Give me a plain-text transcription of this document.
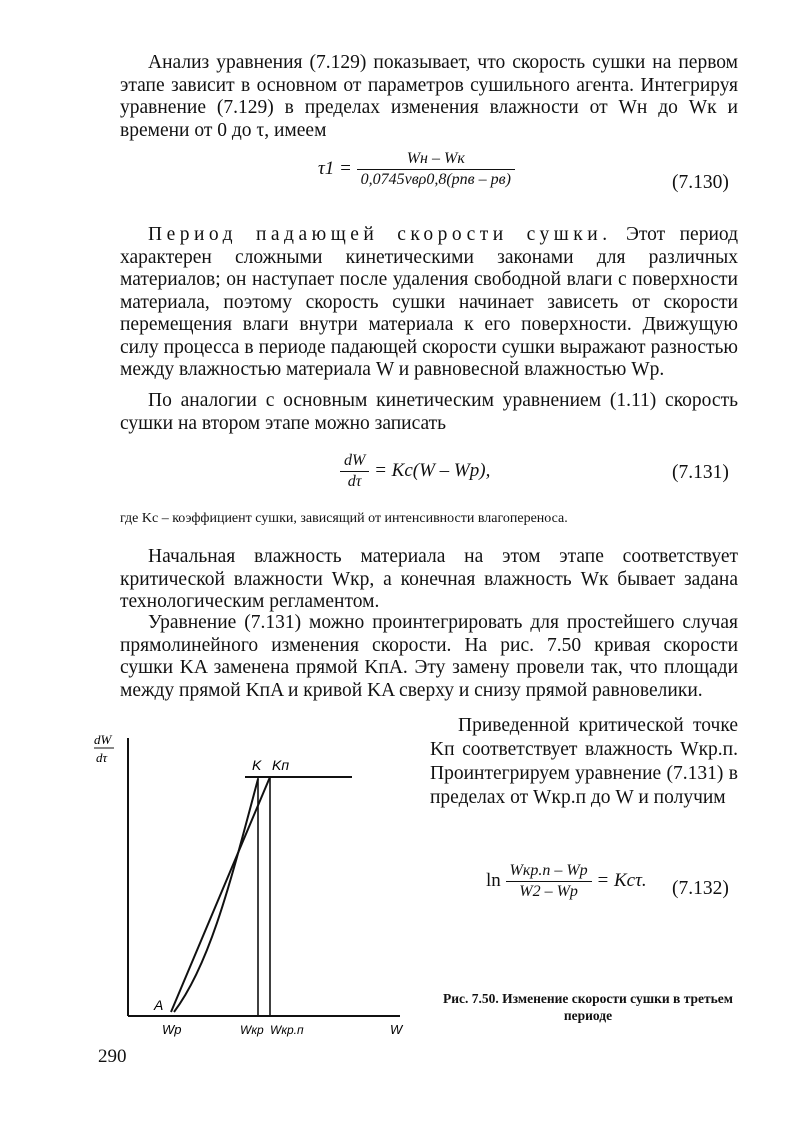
Анализ уравнения (7.129) показывает, что скорость сушки на первом этапе зависит в основном от параметров сушильного агента. Интегрируя уравнение (7.129) в пределах изменения влажности от Wн до Wк и времени от 0 до τ, имеем

$\tau 1 = \frac{Wн - Wк}{\text{0,0745vвρ0,8(pпв – pв)}}$	(7.130)

Период падающей скорости сушки. Этот период характерен сложными кинетическими законами для различных материалов; он наступает после удаления свободной влаги с поверхности материала, поэтому скорость сушки начинает зависеть от скорости перемещения влаги внутри материала к его поверхности. Движущую силу процесса в периоде падающей скорости сушки выражают разностью между влажностью материала W и равновесной влажностью Wр.

По аналогии с основным кинетическим уравнением (1.11) скорость сушки на втором этапе можно записать

$\frac{dW}{d\tau} = Kс(W - Wр)$,	(7.131)

где Kс – коэффициент сушки, зависящий от интенсивности влагопереноса.

Начальная влажность материала на этом этапе соответствует критической влажности Wкр, а конечная влажность Wк бывает задана технологическим регламентом.

Уравнение (7.131) можно проинтегрировать для простейшего случая прямолинейного изменения скорости. На рис. 7.50 кривая скорости сушки KA заменена прямой KпA. Эту замену провели так, что площади между прямой KпA и кривой KA сверху и снизу прямой равновелики.

dW
dτ	K Kп
A
Wр	Wкр Wкр.п	W

Приведенной критической точке Kп соответствует влажность Wкр.п. Проинтегрируем уравнение (7.131) в пределах от Wкр.п до W и получим

$\ln \frac{\text{Wкр.п – Wр}}{W2 - Wр} = Kс\tau$. (7.132)

Рис. 7.50. Изменение скорости сушки в третьем периоде

290
